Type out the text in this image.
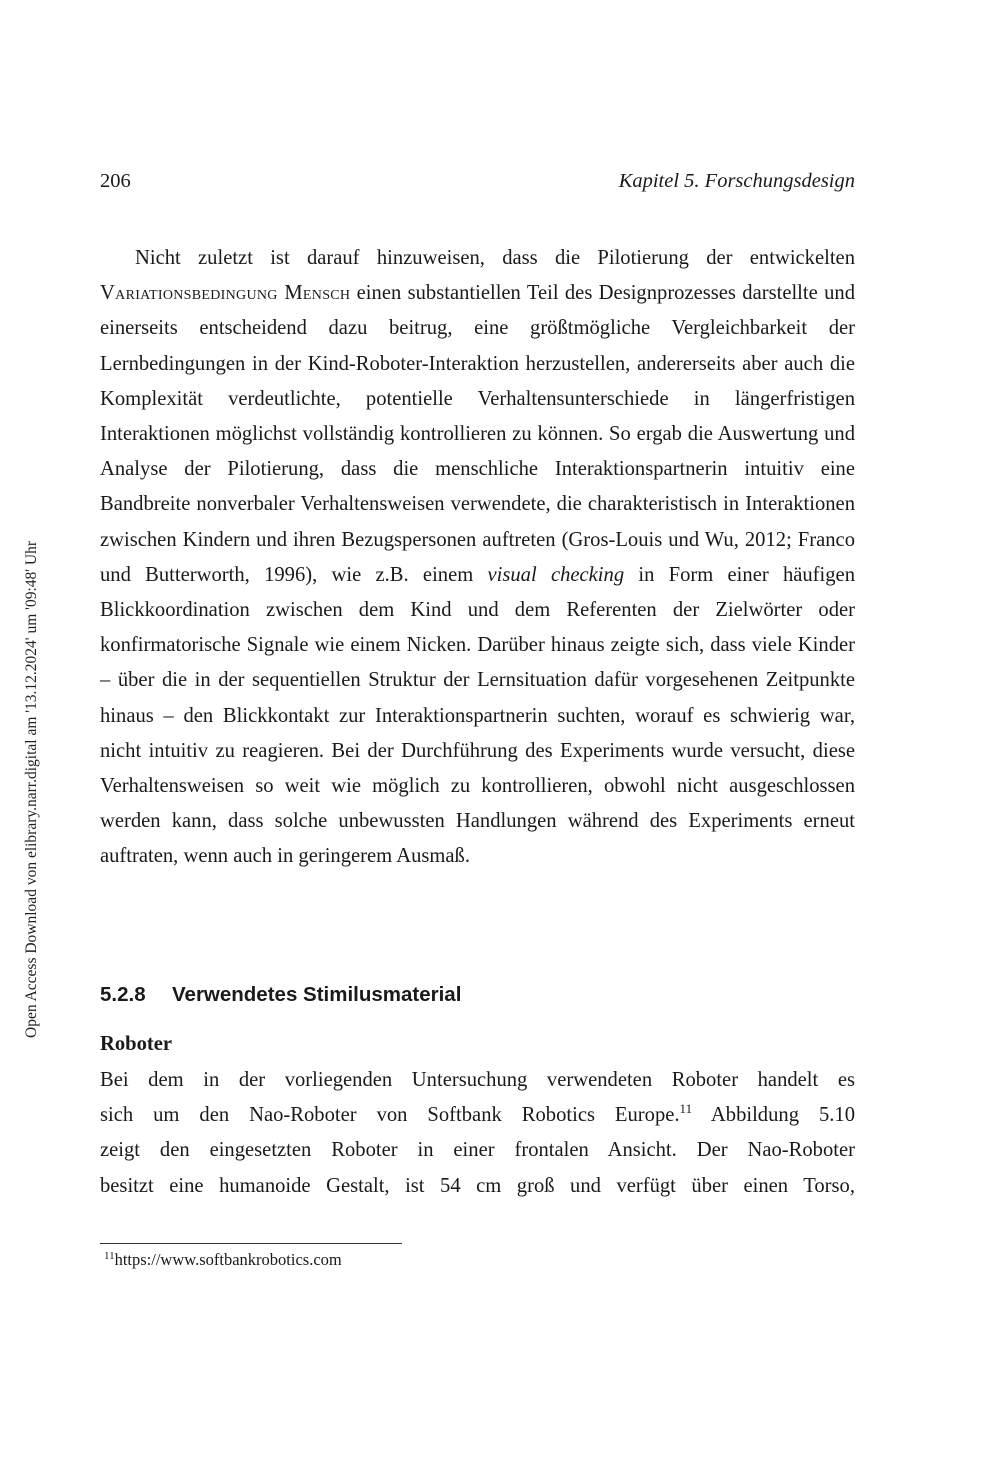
Open Access Download von elibrary.narr.digital am '13.12.2024' um '09:48' Uhr
206	Kapitel 5. Forschungsdesign

Nicht zuletzt ist darauf hinzuweisen, dass die Pilotierung der entwickelten Variationsbedingung Mensch einen substantiellen Teil des Designprozesses darstellte und einerseits entscheidend dazu beitrug, eine größtmögliche Vergleichbarkeit der Lernbedingungen in der Kind-Roboter-Interaktion herzustellen, andererseits aber auch die Komplexität verdeutlichte, potentielle Verhaltensunterschiede in längerfristigen Interaktionen möglichst vollständig kontrollieren zu können. So ergab die Auswertung und Analyse der Pilotierung, dass die menschliche Interaktionspartnerin intuitiv eine Bandbreite nonverbaler Verhaltensweisen verwendete, die charakteristisch in Interaktionen zwischen Kindern und ihren Bezugspersonen auftreten (Gros-Louis und Wu, 2012; Franco und Butterworth, 1996), wie z.B. einem visual checking in Form einer häufigen Blickkoordination zwischen dem Kind und dem Referenten der Zielwörter oder konfirmatorische Signale wie einem Nicken. Darüber hinaus zeigte sich, dass viele Kinder – über die in der sequentiellen Struktur der Lernsituation dafür vorgesehenen Zeitpunkte hinaus – den Blickkontakt zur Interaktionspartnerin suchten, worauf es schwierig war, nicht intuitiv zu reagieren. Bei der Durchführung des Experiments wurde versucht, diese Verhaltensweisen so weit wie möglich zu kontrollieren, obwohl nicht ausgeschlossen werden kann, dass solche unbewussten Handlungen während des Experiments erneut auftraten, wenn auch in geringerem Ausmaß.

5.2.8 Verwendetes Stimilusmaterial
Roboter
Bei dem in der vorliegenden Untersuchung verwendeten Roboter handelt es
sich um den Nao-Roboter von Softbank Robotics Europe.$^{11}$ Abbildung 5.10
zeigt den eingesetzten Roboter in einer frontalen Ansicht. Der Nao-Roboter
besitzt eine humanoide Gestalt, ist 54 cm groß und verfügt über einen Torso,
$^{11}$https://www.softbankrobotics.com
